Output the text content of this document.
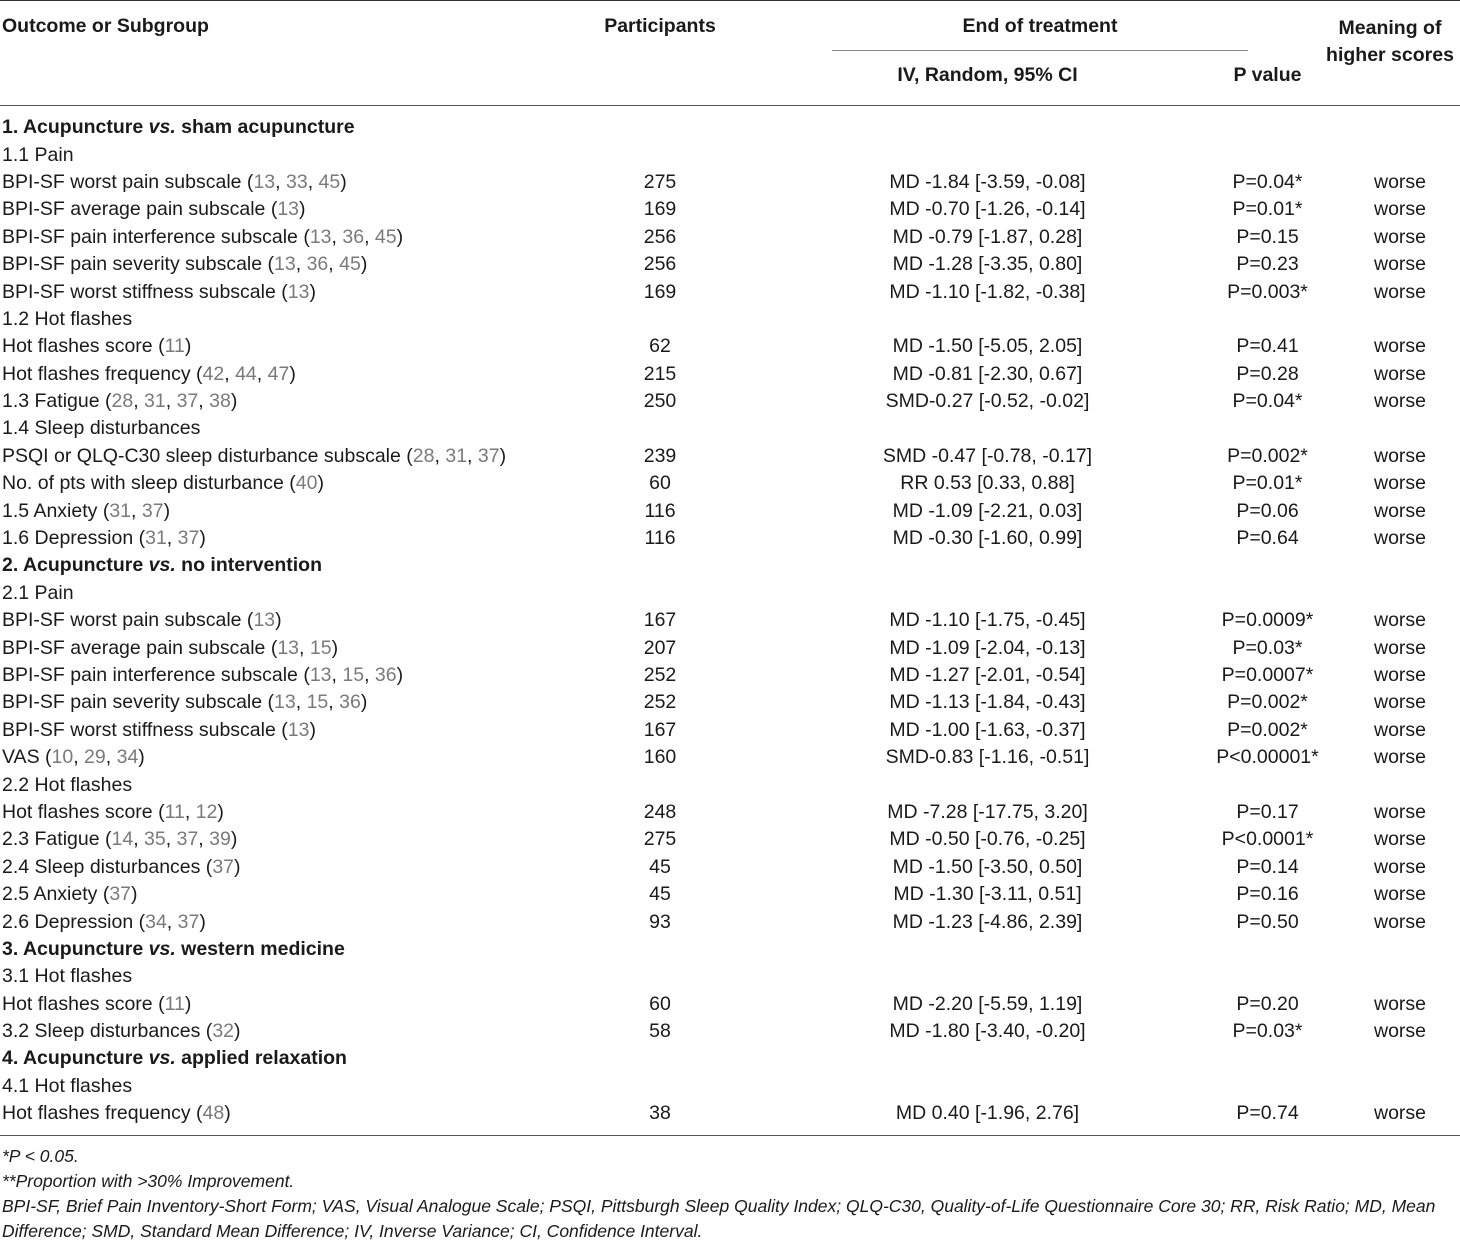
Outcome or Subgroup	Participants	End of treatment		Meaning of higher scores
		IV, Random, 95% CI	P value	

1. Acupuncture vs. sham acupuncture				
1.1 Pain				
BPI-SF worst pain subscale (13, 33, 45)	275	MD -1.84 [-3.59, -0.08]	P=0.04*	worse
BPI-SF average pain subscale (13)	169	MD -0.70 [-1.26, -0.14]	P=0.01*	worse
BPI-SF pain interference subscale (13, 36, 45)	256	MD -0.79 [-1.87, 0.28]	P=0.15	worse
BPI-SF pain severity subscale (13, 36, 45)	256	MD -1.28 [-3.35, 0.80]	P=0.23	worse
BPI-SF worst stiffness subscale (13)	169	MD -1.10 [-1.82, -0.38]	P=0.003*	worse
1.2 Hot flashes				
Hot flashes score (11)	62	MD -1.50 [-5.05, 2.05]	P=0.41	worse
Hot flashes frequency (42, 44, 47)	215	MD -0.81 [-2.30, 0.67]	P=0.28	worse
1.3 Fatigue (28, 31, 37, 38)	250	SMD-0.27 [-0.52, -0.02]	P=0.04*	worse
1.4 Sleep disturbances				
PSQI or QLQ-C30 sleep disturbance subscale (28, 31, 37)	239	SMD -0.47 [-0.78, -0.17]	P=0.002*	worse
No. of pts with sleep disturbance (40)	60	RR 0.53 [0.33, 0.88]	P=0.01*	worse
1.5 Anxiety (31, 37)	116	MD -1.09 [-2.21, 0.03]	P=0.06	worse
1.6 Depression (31, 37)	116	MD -0.30 [-1.60, 0.99]	P=0.64	worse
2. Acupuncture vs. no intervention				
2.1 Pain				
BPI-SF worst pain subscale (13)	167	MD -1.10 [-1.75, -0.45]	P=0.0009*	worse
BPI-SF average pain subscale (13, 15)	207	MD -1.09 [-2.04, -0.13]	P=0.03*	worse
BPI-SF pain interference subscale (13, 15, 36)	252	MD -1.27 [-2.01, -0.54]	P=0.0007*	worse
BPI-SF pain severity subscale (13, 15, 36)	252	MD -1.13 [-1.84, -0.43]	P=0.002*	worse
BPI-SF worst stiffness subscale (13)	167	MD -1.00 [-1.63, -0.37]	P=0.002*	worse
VAS (10, 29, 34)	160	SMD-0.83 [-1.16, -0.51]	P<0.00001*	worse
2.2 Hot flashes				
Hot flashes score (11, 12)	248	MD -7.28 [-17.75, 3.20]	P=0.17	worse
2.3 Fatigue (14, 35, 37, 39)	275	MD -0.50 [-0.76, -0.25]	P<0.0001*	worse
2.4 Sleep disturbances (37)	45	MD -1.50 [-3.50, 0.50]	P=0.14	worse
2.5 Anxiety (37)	45	MD -1.30 [-3.11, 0.51]	P=0.16	worse
2.6 Depression (34, 37)	93	MD -1.23 [-4.86, 2.39]	P=0.50	worse
3. Acupuncture vs. western medicine				
3.1 Hot flashes				
Hot flashes score (11)	60	MD -2.20 [-5.59, 1.19]	P=0.20	worse
3.2 Sleep disturbances (32)	58	MD -1.80 [-3.40, -0.20]	P=0.03*	worse
4. Acupuncture vs. applied relaxation				
4.1 Hot flashes				
Hot flashes frequency (48)	38	MD 0.40 [-1.96, 2.76]	P=0.74	worse
*P < 0.05.
**Proportion with >30% Improvement.
BPI-SF, Brief Pain Inventory-Short Form; VAS, Visual Analogue Scale; PSQI, Pittsburgh Sleep Quality Index; QLQ-C30, Quality-of-Life Questionnaire Core 30; RR, Risk Ratio; MD, Mean Difference; SMD, Standard Mean Difference; IV, Inverse Variance; CI, Confidence Interval.
